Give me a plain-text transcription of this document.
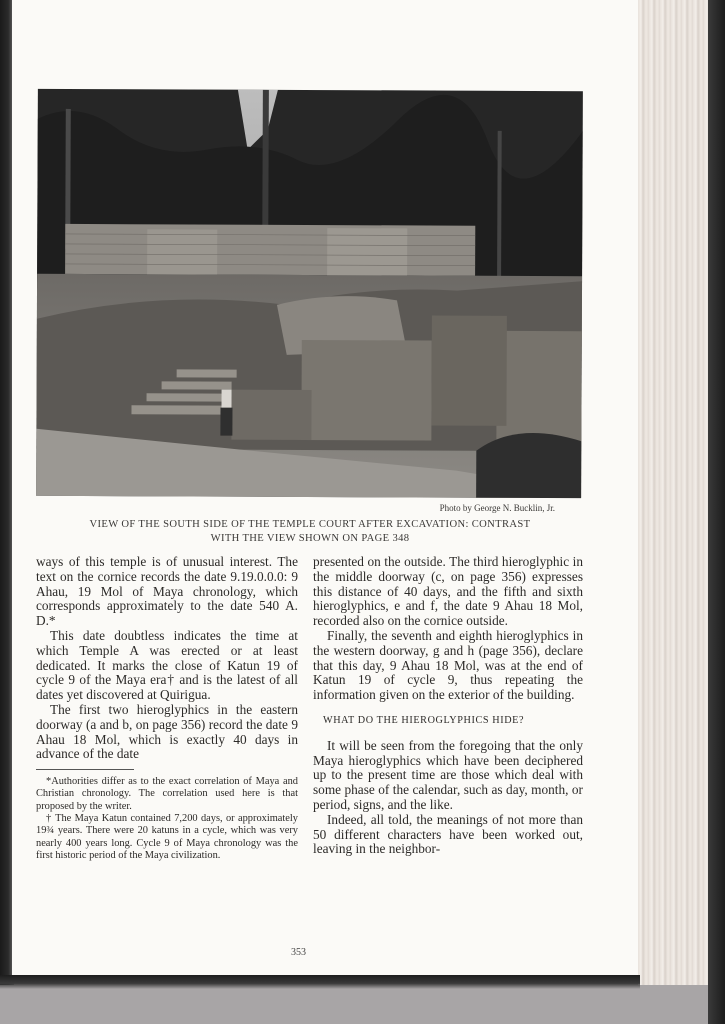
Photo by George N. Bucklin, Jr.
VIEW OF THE SOUTH SIDE OF THE TEMPLE COURT AFTER EXCAVATION: CONTRAST
WITH THE VIEW SHOWN ON PAGE 348

ways of this temple is of unusual interest. The text on the cornice records the date 9.19.0.0.0: 9 Ahau, 19 Mol of Maya chronology, which corresponds approximately to the date 540 A. D.*

This date doubtless indicates the time at which Temple A was erected or at least dedicated. It marks the close of Katun 19 of cycle 9 of the Maya era† and is the latest of all dates yet discovered at Quirigua.

The first two hieroglyphics in the eastern doorway (a and b, on page 356) record the date 9 Ahau 18 Mol, which is exactly 40 days in advance of the date

*Authorities differ as to the exact correlation of Maya and Christian chronology. The correlation used here is that proposed by the writer.

† The Maya Katun contained 7,200 days, or approximately 19¾ years. There were 20 katuns in a cycle, which was very nearly 400 years long. Cycle 9 of Maya chronology was the first historic period of the Maya civilization.

presented on the outside. The third hieroglyphic in the middle doorway (c, on page 356) expresses this distance of 40 days, and the fifth and sixth hieroglyphics, e and f, the date 9 Ahau 18 Mol, recorded also on the cornice outside.

Finally, the seventh and eighth hieroglyphics in the western doorway, g and h (page 356), declare that this day, 9 Ahau 18 Mol, was at the end of Katun 19 of cycle 9, thus repeating the information given on the exterior of the building.

WHAT DO THE HIEROGLYPHICS HIDE?

It will be seen from the foregoing that the only Maya hieroglyphics which have been deciphered up to the present time are those which deal with some phase of the calendar, such as day, month, or period, signs, and the like.

Indeed, all told, the meanings of not more than 50 different characters have been worked out, leaving in the neighbor-

353
